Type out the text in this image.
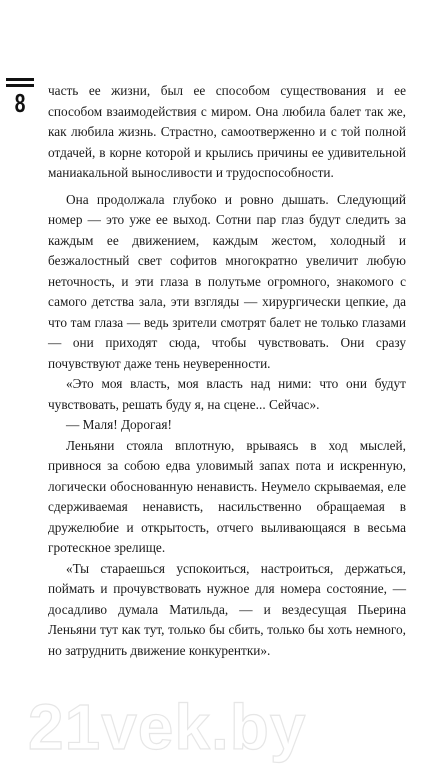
8	часть ее жизни, был ее способом существования и ее способом взаимодействия с миром. Она любила балет так же, как любила жизнь. Страстно, самоотверженно и с той полной отдачей, в корне которой и крылись причины ее удивительной маниакальной выносливости и трудоспособности.

Она продолжала глубоко и ровно дышать. Следующий номер — это уже ее выход. Сотни пар глаз будут следить за каждым ее движением, каждым жестом, холодный и безжалостный свет софитов многократно увеличит любую неточность, и эти глаза в полутьме огромного, знакомого с самого детства зала, эти взгляды — хирургически цепкие, да что там глаза — ведь зрители смотрят балет не только глазами — они приходят сюда, чтобы чувствовать. Они сразу почувствуют даже тень неуверенности.

«Это моя власть, моя власть над ними: что они будут чувствовать, решать буду я, на сцене... Сейчас».

— Маля! Дорогая!

Леньяни стояла вплотную, врываясь в ход мыслей, привнося за собою едва уловимый запах пота и искренную, логически обоснованную ненависть. Неумело скрываемая, еле сдерживаемая ненависть, насильственно обращаемая в дружелюбие и открытость, отчего выливающаяся в весьма гротескное зрелище.

«Ты стараешься успокоиться, настроиться, держаться, поймать и прочувствовать нужное для номера состояние, — досадливо думала Матильда, — и вездесущая Пьерина Леньяни тут как тут, только бы сбить, только бы хоть немного, но затруднить движение конкурентки».

21vek.by
